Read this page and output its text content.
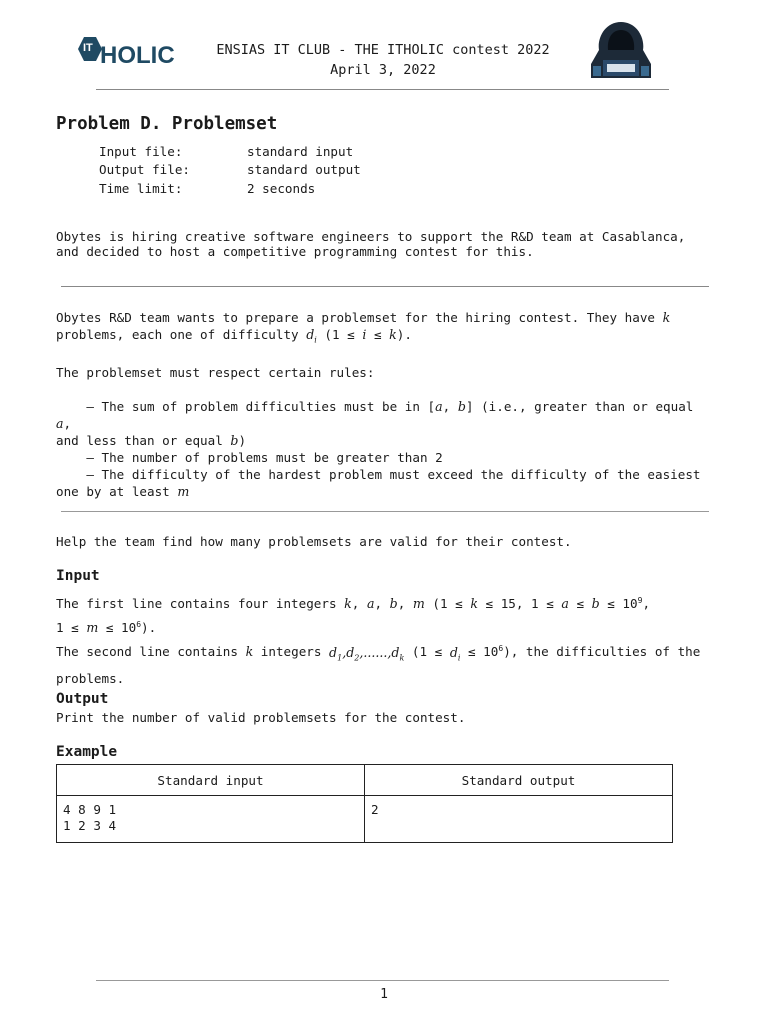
IT HOLIC	ENSIAS IT CLUB - THE ITHOLIC contest 2022
April 3, 2022
Problem D. Problemset
Input file:	standard input
Output file:	standard output
Time limit:	2 seconds
Obytes is hiring creative software engineers to support the R&D team at Casablanca,
and decided to host a competitive programming contest for this.
Obytes R&D team wants to prepare a problemset for the hiring contest. They have k
problems, each one of difficulty $d_i$ (1 ≤ i ≤ k).
The problemset must respect certain rules:
— The sum of problem difficulties must be in [a, b] (i.e., greater than or equal a,
and less than or equal b)
— The number of problems must be greater than 2
— The difficulty of the hardest problem must exceed the difficulty of the easiest
one by at least m
Help the team find how many problemsets are valid for their contest.
Input
The first line contains four integers k, a, b, m (1 ≤ k ≤ 15, $1 \le a \le b \le 10^9$,
$1 \le m \le 10^6$).
The second line contains k integers $d_1,d_2,......,d_k$ $(1 \le d_i \le 10^6)$, the difficulties of the
problems.
Output
Print the number of valid problemsets for the contest.
Example
Standard input	Standard output
4 8 9 1
1 2 3 4	2
1
